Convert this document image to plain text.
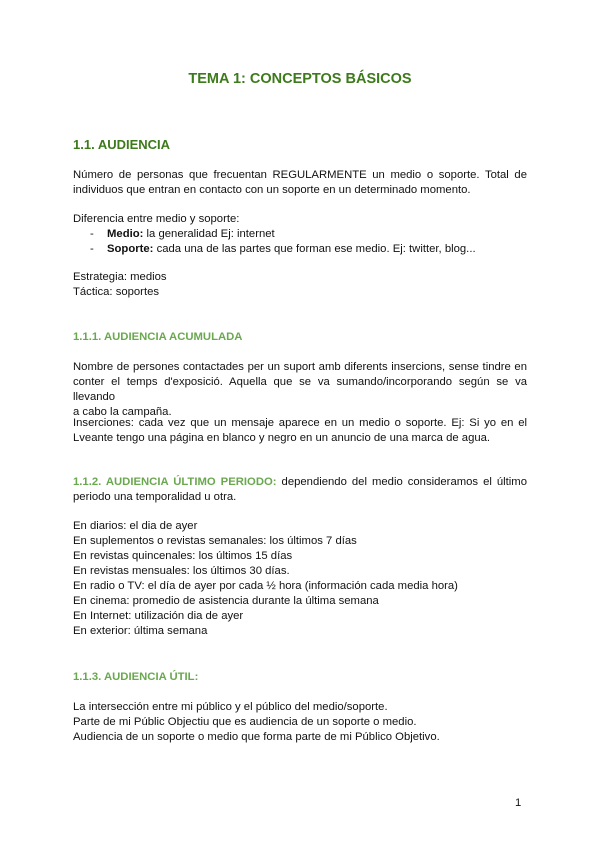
TEMA 1: CONCEPTOS BÁSICOS
1.1. AUDIENCIA

Número de personas que frecuentan REGULARMENTE un medio o soporte. Total de

individuos que entran en contacto con un soporte en un determinado momento.

Diferencia entre medio y soporte:

-	Medio: la generalidad Ej: internet
-	Soporte: cada una de las partes que forman ese medio. Ej: twitter, blog...

Estrategia: medios

Táctica: soportes

1.1.1. AUDIENCIA ACUMULADA

Nombre de persones contactades per un suport amb diferents insercions, sense tindre en

conter el temps d'exposició. Aquella que se va sumando/incorporando según se va llevando

a cabo la campaña.

Inserciones: cada vez que un mensaje aparece en un medio o soporte. Ej: Si yo en el

Lveante tengo una página en blanco y negro en un anuncio de una marca de agua.

1.1.2. AUDIENCIA ÚLTIMO PERIODO: dependiendo del medio consideramos el último

periodo una temporalidad u otra.

En diarios: el dia de ayer

En suplementos o revistas semanales: los últimos 7 días

En revistas quincenales: los últimos 15 días

En revistas mensuales: los últimos 30 días.

En radio o TV: el día de ayer por cada ½ hora (información cada media hora)

En cinema: promedio de asistencia durante la última semana

En Internet: utilización dia de ayer

En exterior: última semana

1.1.3. AUDIENCIA ÚTIL:

La intersección entre mi público y el público del medio/soporte.

Parte de mi Públic Objectiu que es audiencia de un soporte o medio.

Audiencia de un soporte o medio que forma parte de mi Público Objetivo.

1
